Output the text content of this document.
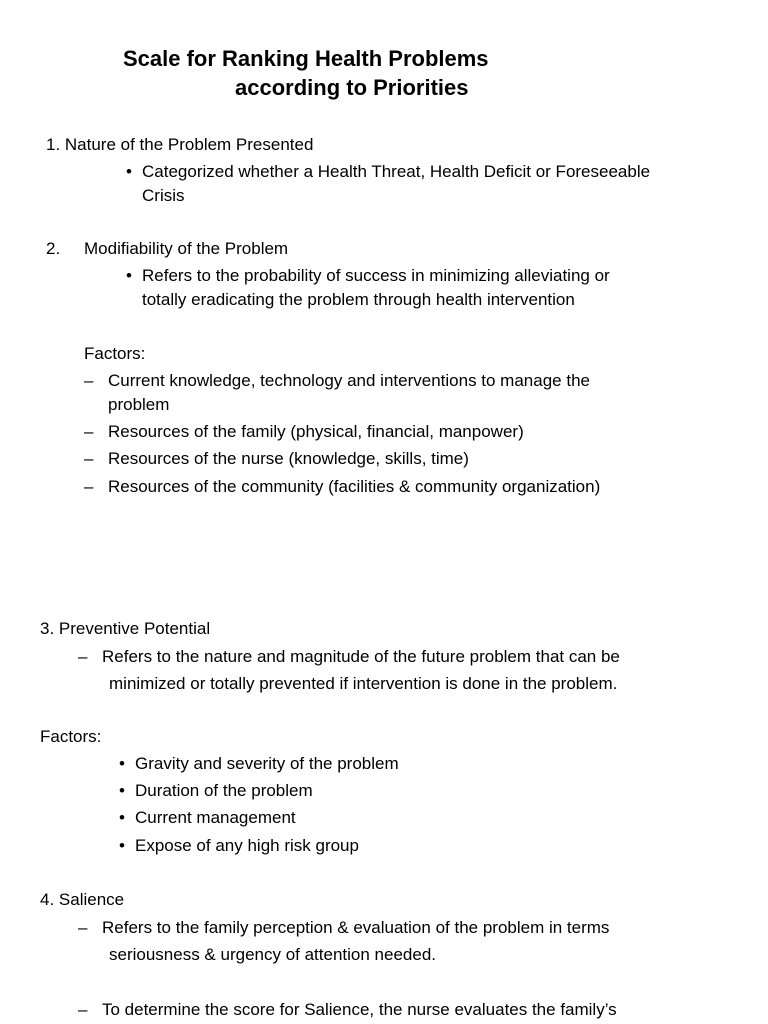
Scale for Ranking Health Problems
according to Priorities
1. Nature of the Problem Presented
• Categorized whether a Health Threat, Health Deficit or Foreseeable
Crisis
2. Modifiability of the Problem
• Refers to the probability of success in minimizing alleviating or
totally eradicating the problem through health intervention
Factors:
– Current knowledge, technology and interventions to manage the
problem
– Resources of the family (physical, financial, manpower)
– Resources of the nurse (knowledge, skills, time)
– Resources of the community (facilities & community organization)
3. Preventive Potential
– Refers to the nature and magnitude of the future problem that can be
minimized or totally prevented if intervention is done in the problem.
Factors:
• Gravity and severity of the problem
• Duration of the problem
• Current management
• Expose of any high risk group
4. Salience
– Refers to the family perception & evaluation of the problem in terms
seriousness & urgency of attention needed.
– To determine the score for Salience, the nurse evaluates the family’s
